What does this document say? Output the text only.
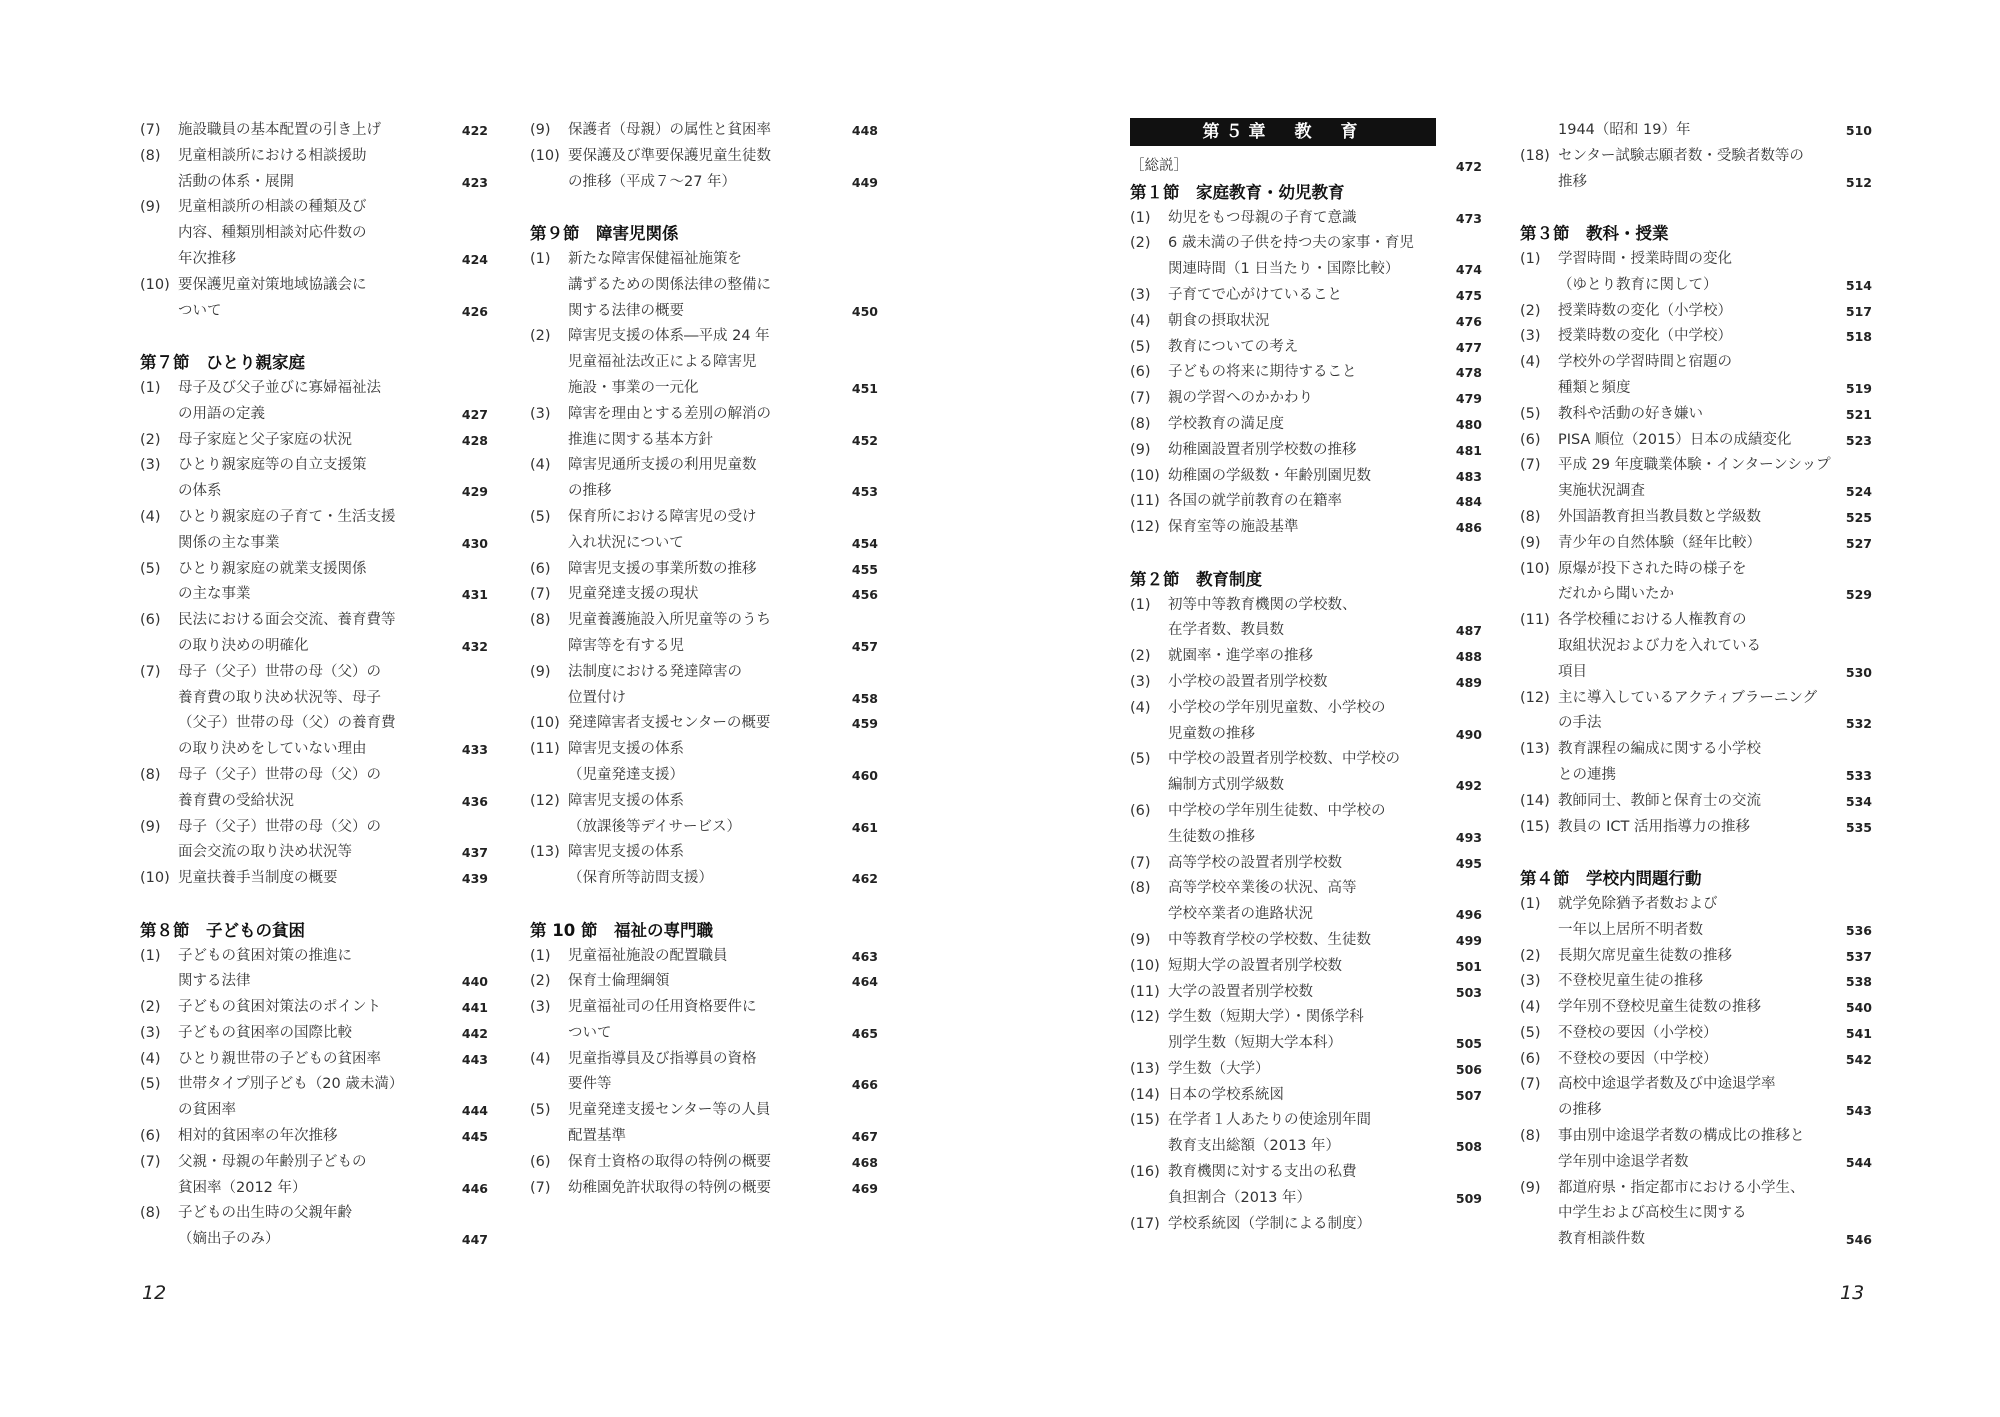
(7) 施設職員の基本配置の引き上げ	422
(8) 児童相談所における相談援助
活動の体系・展開	423
(9) 児童相談所の相談の種類及び
内容、種類別相談対応件数の
年次推移	424
(10) 要保護児童対策地域協議会に
ついて	426
第７節　ひとり親家庭
(1) 母子及び父子並びに寡婦福祉法
の用語の定義	427
(2) 母子家庭と父子家庭の状況	428
(3) ひとり親家庭等の自立支援策
の体系	429
(4) ひとり親家庭の子育て・生活支援
関係の主な事業	430
(5) ひとり親家庭の就業支援関係
の主な事業	431
(6) 民法における面会交流、養育費等
の取り決めの明確化	432
(7) 母子（父子）世帯の母（父）の
養育費の取り決め状況等、母子
（父子）世帯の母（父）の養育費
の取り決めをしていない理由	433
(8) 母子（父子）世帯の母（父）の
養育費の受給状況	436
(9) 母子（父子）世帯の母（父）の
面会交流の取り決め状況等	437
(10) 児童扶養手当制度の概要	439
第８節　子どもの貧困
(1) 子どもの貧困対策の推進に
関する法律	440
(2) 子どもの貧困対策法のポイント	441
(3) 子どもの貧困率の国際比較	442
(4) ひとり親世帯の子どもの貧困率	443
(5) 世帯タイプ別子ども（20 歳未満）
の貧困率	444
(6) 相対的貧困率の年次推移	445
(7) 父親・母親の年齢別子どもの
貧困率（2012 年）	446
(8) 子どもの出生時の父親年齢
（嫡出子のみ）	447
(9) 保護者（母親）の属性と貧困率	448
(10) 要保護及び準要保護児童生徒数
の推移（平成７～27 年）	449
第９節　障害児関係
(1) 新たな障害保健福祉施策を
講ずるための関係法律の整備に
関する法律の概要	450
(2) 障害児支援の体系―平成 24 年
児童福祉法改正による障害児
施設・事業の一元化	451
(3) 障害を理由とする差別の解消の
推進に関する基本方針	452
(4) 障害児通所支援の利用児童数
の推移	453
(5) 保育所における障害児の受け
入れ状況について	454
(6) 障害児支援の事業所数の推移	455
(7) 児童発達支援の現状	456
(8) 児童養護施設入所児童等のうち
障害等を有する児	457
(9) 法制度における発達障害の
位置付け	458
(10) 発達障害者支援センターの概要	459
(11) 障害児支援の体系
（児童発達支援）	460
(12) 障害児支援の体系
（放課後等デイサービス）	461
(13) 障害児支援の体系
（保育所等訪問支援）	462
第 10 節　福祉の専門職
(1) 児童福祉施設の配置職員	463
(2) 保育士倫理綱領	464
(3) 児童福祉司の任用資格要件に
ついて	465
(4) 児童指導員及び指導員の資格
要件等	466
(5) 児童発達支援センター等の人員
配置基準	467
(6) 保育士資格の取得の特例の概要	468
(7) 幼稚園免許状取得の特例の概要	469
第５章　教　育
［総説］	472
第１節　家庭教育・幼児教育
(1) 幼児をもつ母親の子育て意識	473
(2) 6 歳未満の子供を持つ夫の家事・育児
関連時間（1 日当たり・国際比較）	474
(3) 子育てで心がけていること	475
(4) 朝食の摂取状況	476
(5) 教育についての考え	477
(6) 子どもの将来に期待すること	478
(7) 親の学習へのかかわり	479
(8) 学校教育の満足度	480
(9) 幼稚園設置者別学校数の推移	481
(10) 幼稚園の学級数・年齢別園児数	483
(11) 各国の就学前教育の在籍率	484
(12) 保育室等の施設基準	486
第２節　教育制度
(1) 初等中等教育機関の学校数、
在学者数、教員数	487
(2) 就園率・進学率の推移	488
(3) 小学校の設置者別学校数	489
(4) 小学校の学年別児童数、小学校の
児童数の推移	490
(5) 中学校の設置者別学校数、中学校の
編制方式別学級数	492
(6) 中学校の学年別生徒数、中学校の
生徒数の推移	493
(7) 高等学校の設置者別学校数	495
(8) 高等学校卒業後の状況、高等
学校卒業者の進路状況	496
(9) 中等教育学校の学校数、生徒数	499
(10) 短期大学の設置者別学校数	501
(11) 大学の設置者別学校数	503
(12) 学生数（短期大学）・関係学科
別学生数（短期大学本科）	505
(13) 学生数（大学）	506
(14) 日本の学校系統図	507
(15) 在学者１人あたりの使途別年間
教育支出総額（2013 年）	508
(16) 教育機関に対する支出の私費
負担割合（2013 年）	509
(17) 学校系統図（学制による制度）
1944（昭和 19）年	510
(18) センター試験志願者数・受験者数等の
推移	512
第３節　教科・授業
(1) 学習時間・授業時間の変化
（ゆとり教育に関して）	514
(2) 授業時数の変化（小学校）	517
(3) 授業時数の変化（中学校）	518
(4) 学校外の学習時間と宿題の
種類と頻度	519
(5) 教科や活動の好き嫌い	521
(6) PISA 順位（2015）日本の成績変化	523
(7) 平成 29 年度職業体験・インターンシップ
実施状況調査	524
(8) 外国語教育担当教員数と学級数	525
(9) 青少年の自然体験（経年比較）	527
(10) 原爆が投下された時の様子を
だれから聞いたか	529
(11) 各学校種における人権教育の
取組状況および力を入れている
項目	530
(12) 主に導入しているアクティブラーニング
の手法	532
(13) 教育課程の編成に関する小学校
との連携	533
(14) 教師同士、教師と保育士の交流	534
(15) 教員の ICT 活用指導力の推移	535
第４節　学校内問題行動
(1) 就学免除猶予者数および
一年以上居所不明者数	536
(2) 長期欠席児童生徒数の推移	537
(3) 不登校児童生徒の推移	538
(4) 学年別不登校児童生徒数の推移	540
(5) 不登校の要因（小学校）	541
(6) 不登校の要因（中学校）	542
(7) 高校中途退学者数及び中途退学率
の推移	543
(8) 事由別中途退学者数の構成比の推移と
学年別中途退学者数	544
(9) 都道府県・指定都市における小学生、
中学生および高校生に関する
教育相談件数	546
12	13
